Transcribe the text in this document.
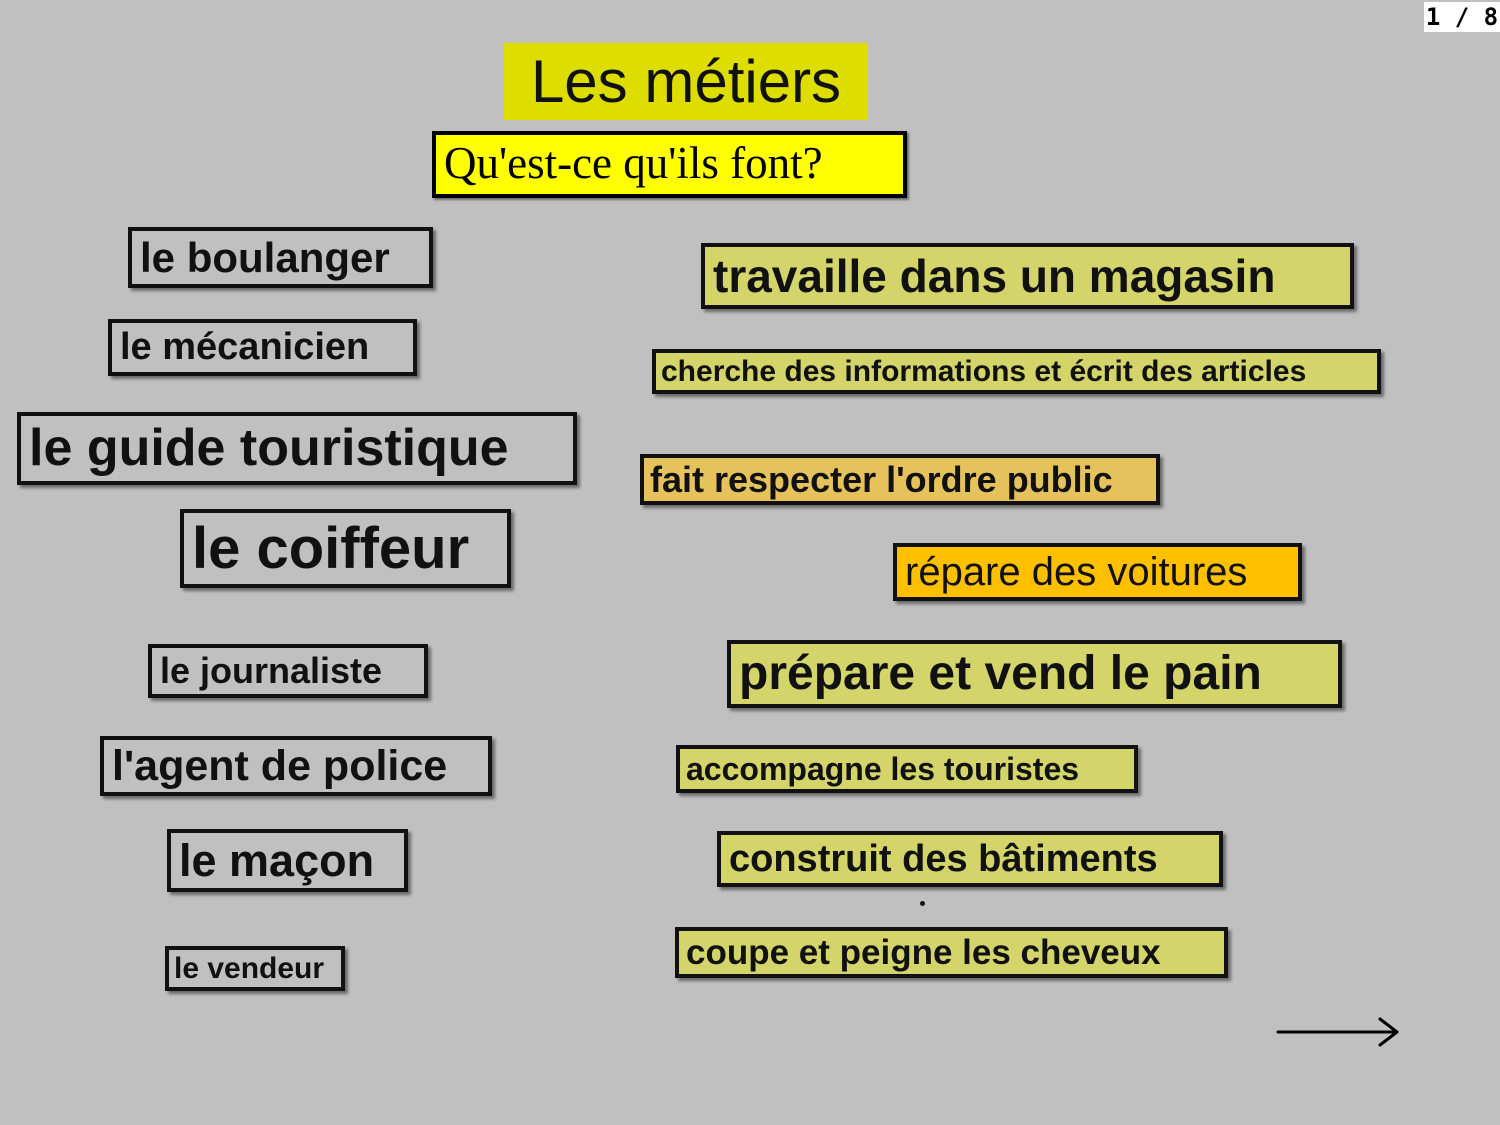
1 / 8
Les métiers
Qu'est-ce qu'ils font?
le boulanger
le mécanicien
le guide touristique
le coiffeur
le journaliste
l'agent de police
le maçon
le vendeur
travaille dans un magasin
cherche des informations et écrit des articles
fait respecter l'ordre public
répare des voitures
prépare et vend le pain
accompagne les touristes
construit des bâtiments
coupe et peigne les cheveux
